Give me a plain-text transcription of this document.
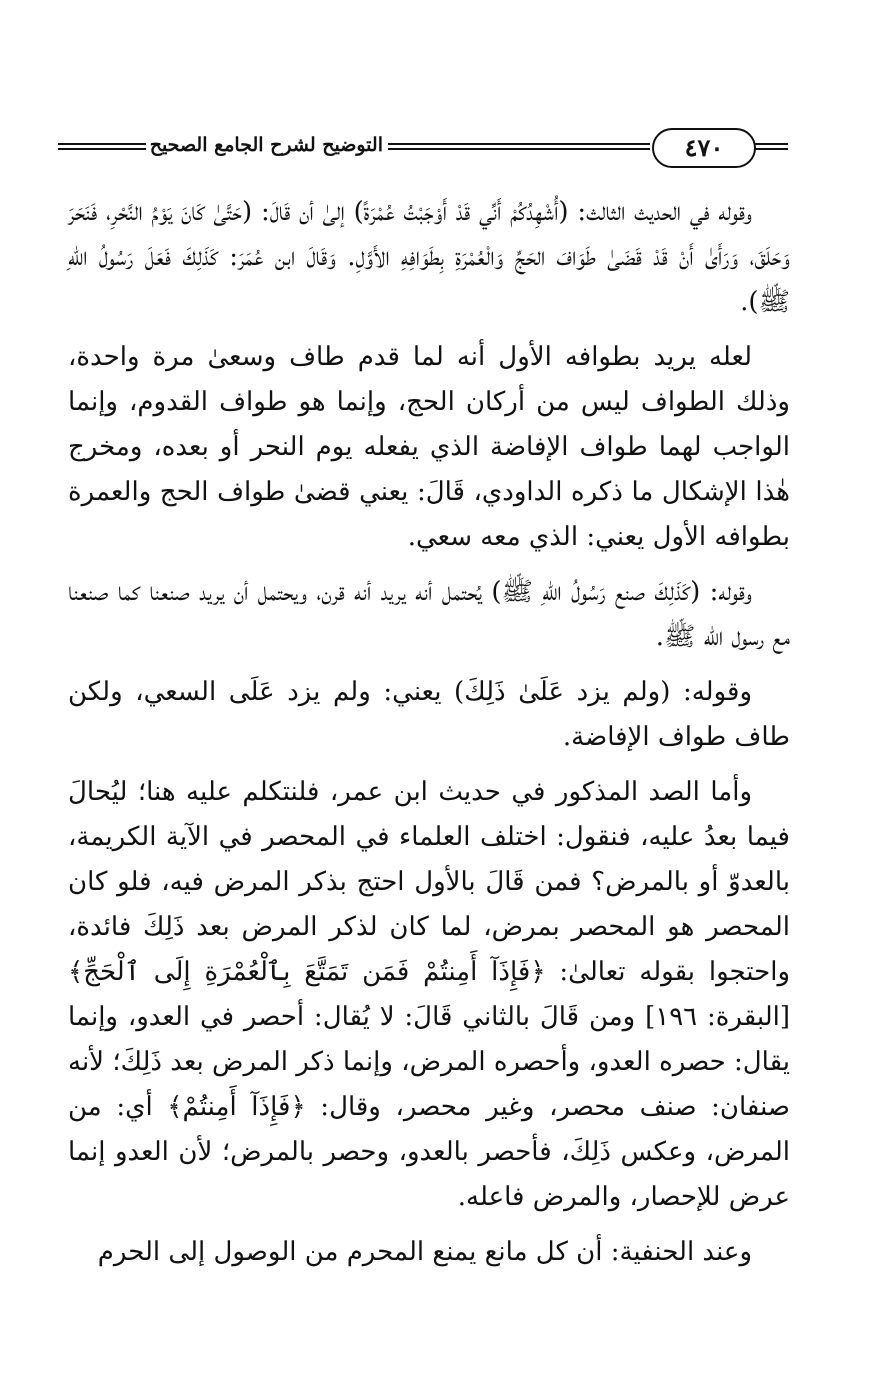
٤٧٠
التوضيح لشرح الجامع الصحيح

وقوله في الحديث الثالث: (أُشْهِدُكُمْ أَنِّي قَدْ أَوْجَبْتُ عُمْرَةً) إلىٰ أن قَالَ: (حَتَّىٰ كَانَ يَوْمُ النَّحْرِ، فَنَحَرَ وَحَلَقَ، وَرَأَىٰ أَنْ قَدْ قَضَىٰ طَوَافَ الحَجِّ وَالْعُمْرَةِ بِطَوَافِهِ الأَوَّلِ. وَقَالَ ابن عُمَرَ: كَذَلِكَ فَعَلَ رَسُولُ اللهِ ﷺ).

لعله يريد بطوافه الأول أنه لما قدم طاف وسعىٰ مرة واحدة، وذلك الطواف ليس من أركان الحج، وإنما هو طواف القدوم، وإنما الواجب لهما طواف الإفاضة الذي يفعله يوم النحر أو بعده، ومخرج هٰذا الإشكال ما ذكره الداودي، قَالَ: يعني قضىٰ طواف الحج والعمرة بطوافه الأول يعني: الذي معه سعي.

وقوله: (كَذَلِكَ صنع رَسُولُ اللهِ ﷺ) يُحتمل أنه يريد أنه قرن، ويحتمل أن يريد صنعنا كما صنعنا مع رسول الله ﷺ.

وقوله: (ولم يزد عَلَىٰ ذَلِكَ) يعني: ولم يزد عَلَى السعي، ولكن طاف طواف الإفاضة.

وأما الصد المذكور في حديث ابن عمر، فلنتكلم عليه هنا؛ ليُحالَ فيما بعدُ عليه، فنقول: اختلف العلماء في المحصر في الآية الكريمة، بالعدوّ أو بالمرض؟ فمن قَالَ بالأول احتج بذكر المرض فيه، فلو كان المحصر هو المحصر بمرض، لما كان لذكر المرض بعد ذَلِكَ فائدة، واحتجوا بقوله تعالىٰ: ﴿فَإِذَآ أَمِنتُمْ فَمَن تَمَتَّعَ بِٱلْعُمْرَةِ إِلَى ٱلْحَجِّ﴾ [البقرة: ١٩٦] ومن قَالَ بالثاني قَالَ: لا يُقال: أحصر في العدو، وإنما يقال: حصره العدو، وأحصره المرض، وإنما ذكر المرض بعد ذَلِكَ؛ لأنه صنفان: صنف محصر، وغير محصر، وقال: ﴿فَإِذَآ أَمِنتُمْ﴾ أي: من المرض، وعكس ذَلِكَ، فأحصر بالعدو، وحصر بالمرض؛ لأن العدو إنما عرض للإحصار، والمرض فاعله.

وعند الحنفية: أن كل مانع يمنع المحرم من الوصول إلى الحرم
